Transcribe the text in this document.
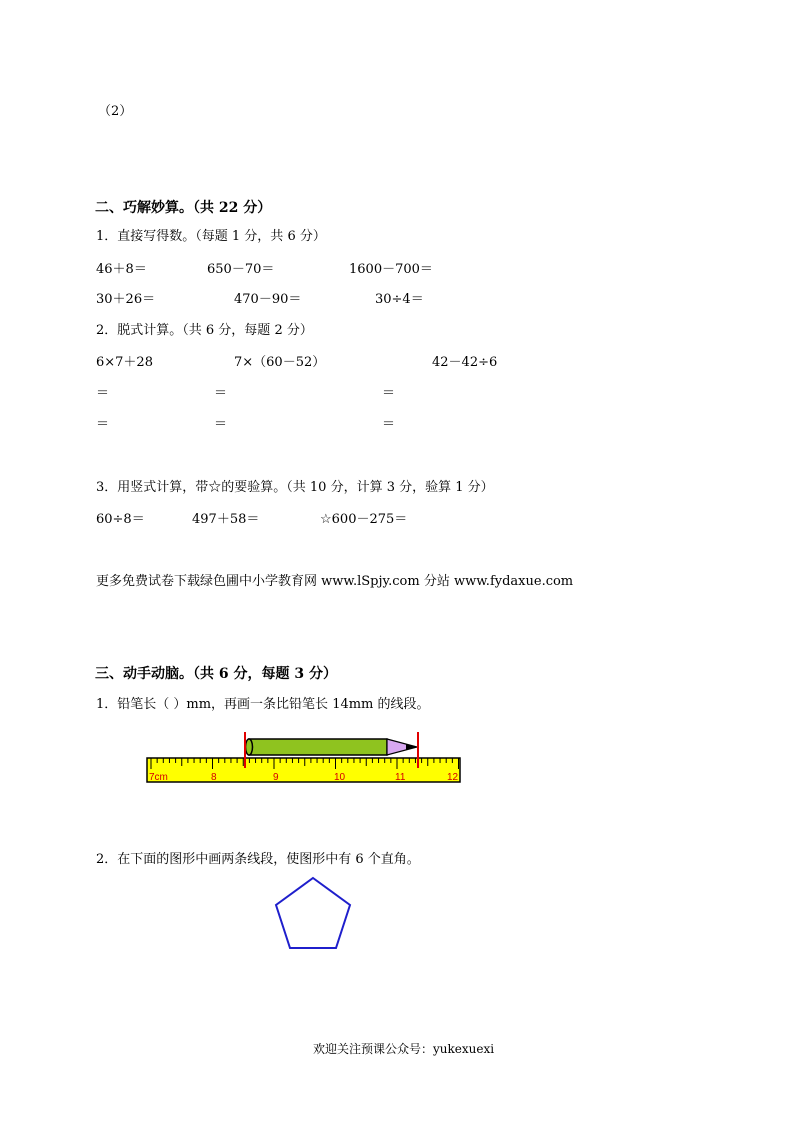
（2）
二、巧解妙算。（共 22 分）
1．直接写得数。（每题 1 分，共 6 分）
46＋8＝	650－70＝	1600－700＝
30＋26＝	470－90＝	30÷4＝
2．脱式计算。（共 6 分，每题 2 分）
6×7＋28	7×（60－52）	42－42÷6
＝	＝	＝
＝	＝	＝
3．用竖式计算，带☆的要验算。（共 10 分，计算 3 分，验算 1 分）
60÷8＝	497＋58＝	☆600－275＝
更多免费试卷下载绿色圃中小学教育网 www.lSpjy.com 分站 www.fydaxue.com
三、动手动脑。（共 6 分，每题 3 分）
1．铅笔长（ ）mm，再画一条比铅笔长 14mm 的线段。
7cm	8	9	10	11	12
2．在下面的图形中画两条线段，使图形中有 6 个直角。
欢迎关注预课公众号：yukexuexi
